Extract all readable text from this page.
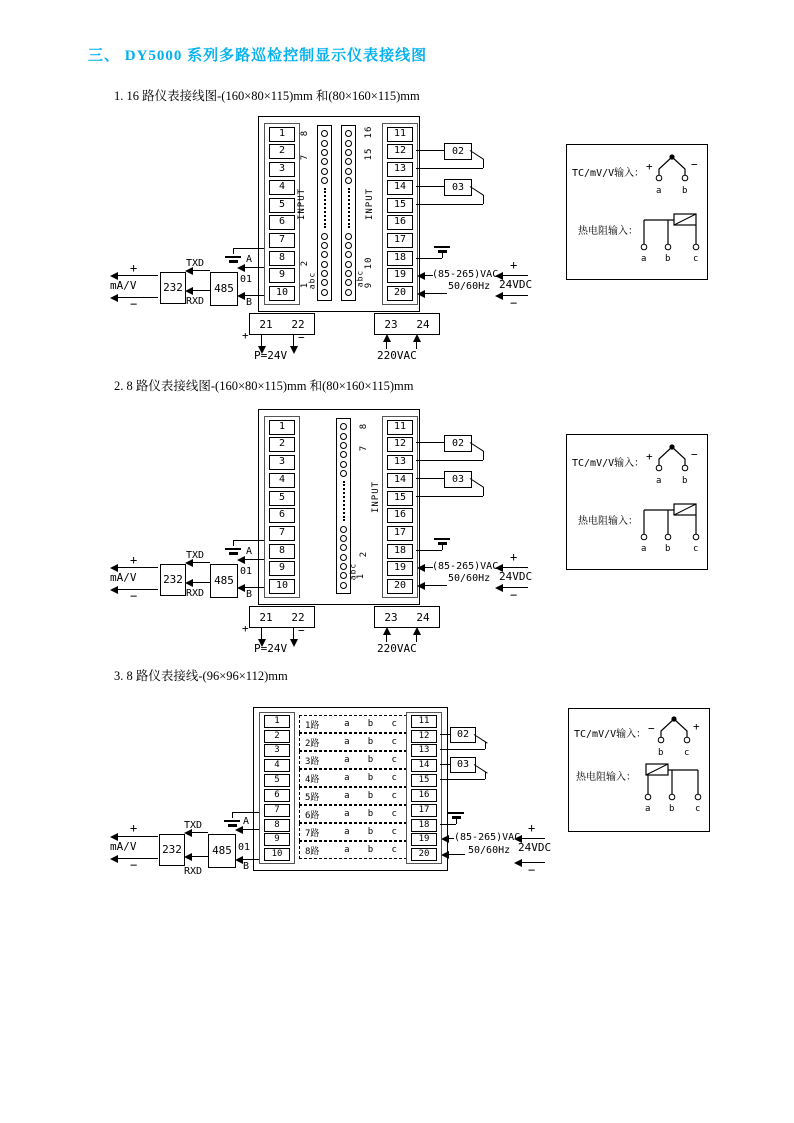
三、 DY5000 系列多路巡检控制显示仪表接线图
1. 16 路仪表接线图-(160×80×115)mm 和(80×160×115)mm
2. 8 路仪表接线图-(160×80×115)mm 和(80×160×115)mm
3. 8 路仪表接线-(96×96×112)mm
1
2
3
4
5
6
7
8
9
10
8
7
INPUT
2
1
abc
16
15
INPUT
10
9
abc
11
12
13
14
15
16
17
18
19
20
+
mA/V
−
232
TXD
RXD
485
A
01
B
02
03
(85-265)VAC
50/60Hz
+
24VDC
−
21 22
+	−
P=24V
23 24
220VAC
TC/mV/V输入：
+	−
a b
热电阻输入：
a b	c
1
2
3
4
5
6
7
8
9
10
8
7
INPUT
2
1
abc
11
12
13
14
15
16
17
18
19
20
+
mA/V
−
232
TXD
RXD
485
A
01
B
02
03
(85-265)VAC
50/60Hz
+
24VDC
−
21 22
+	−
P=24V
23 24
220VAC
TC/mV/V输入：
+	−
a b
热电阻输入：
a b	c
1
2
3
4
5
6
7
8
9
10
1路	a	b	c
2路	a	b	c
3路	a	b	c
4路	a	b	c
5路	a	b	c
6路	a	b	c
7路	a	b	c
8路	a	b	c
11
12
13
14
15
16
17
18
19
20
+
mA/V
−
232
TXD
RXD
485
A
01
B
02
03
(85-265)VAC
50/60Hz
+
24VDC
−
TC/mV/V输入： −	+
b c
热电阻输入：
a b c
